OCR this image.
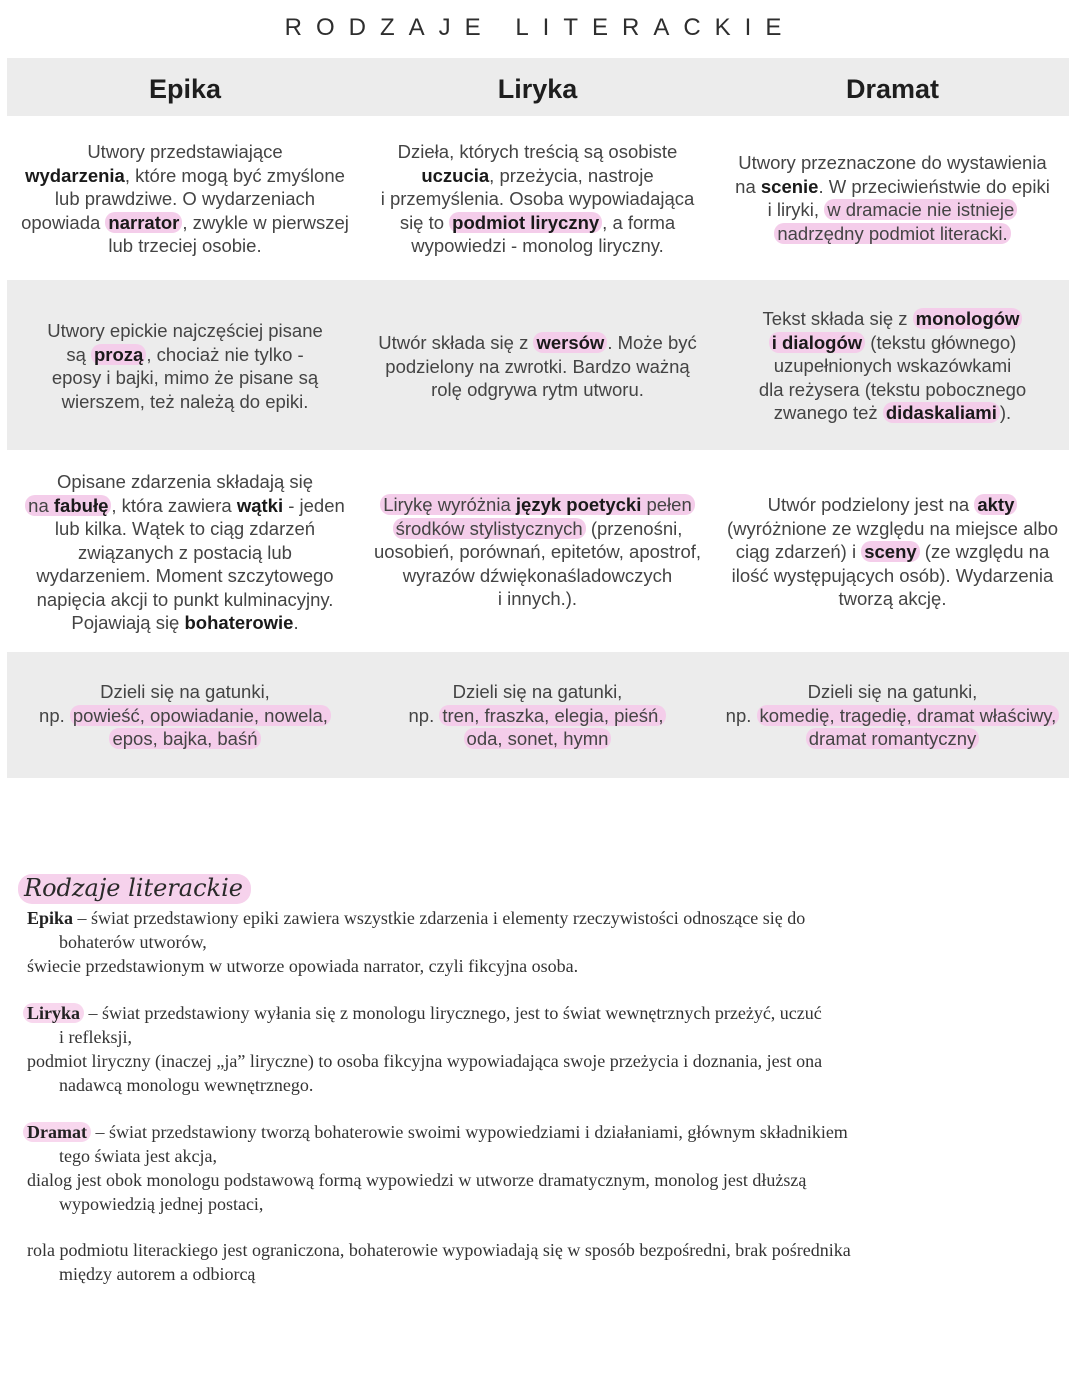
RODZAJE LITERACKIE
Epika	Liryka	Dramat
Utwory przedstawiające
wydarzenia, które mogą być zmyślone
lub prawdziwe. O wydarzeniach
opowiada narrator , zwykle w pierwszej
lub trzeciej osobie.
Dzieła, których treścią są osobiste
uczucia, przeżycia, nastroje
i przemyślenia. Osoba wypowiadająca
się to podmiot liryczny , a forma
wypowiedzi - monolog liryczny.
Utwory przeznaczone do wystawienia
na scenie. W przeciwieństwie do epiki
i liryki, w dramacie nie istnieje
nadrzędny podmiot literacki.
Utwory epickie najczęściej pisane
są prozą , chociaż nie tylko -
eposy i bajki, mimo że pisane są
wierszem, też należą do epiki.
Utwór składa się z wersów . Może być
podzielony na zwrotki. Bardzo ważną
rolę odgrywa rytm utworu.
Tekst składa się z monologów
i dialogów (tekstu głównego)
uzupełnionych wskazówkami
dla reżysera (tekstu pobocznego
zwanego też didaskaliami ).
Opisane zdarzenia składają się
na fabułę , która zawiera wątki - jeden
lub kilka. Wątek to ciąg zdarzeń
związanych z postacią lub
wydarzeniem. Moment szczytowego
napięcia akcji to punkt kulminacyjny.
Pojawiają się bohaterowie.
Lirykę wyróżnia język poetycki pełen
środków stylistycznych (przenośni,
uosobień, porównań, epitetów, apostrof,
wyrazów dźwiękonaśladowczych
i innych.).
Utwór podzielony jest na akty
(wyróżnione ze względu na miejsce albo
ciąg zdarzeń) i sceny (ze względu na
ilość występujących osób). Wydarzenia
tworzą akcję.
Dzieli się na gatunki,
np. powieść, opowiadanie, nowela,
epos, bajka, baśń
Dzieli się na gatunki,
np. tren, fraszka, elegia, pieśń,
oda, sonet, hymn
Dzieli się na gatunki,
np. komedię, tragedię, dramat właściwy,
dramat romantyczny
Rodzaje literackie
Epika – świat przedstawiony epiki zawiera wszystkie zdarzenia i elementy rzeczywistości odnoszące się do
bohaterów utworów,
świecie przedstawionym w utworze opowiada narrator, czyli fikcyjna osoba.
Liryka – świat przedstawiony wyłania się z monologu lirycznego, jest to świat wewnętrznych przeżyć, uczuć
i refleksji,
podmiot liryczny (inaczej „ja” liryczne) to osoba fikcyjna wypowiadająca swoje przeżycia i doznania, jest ona
nadawcą monologu wewnętrznego.
Dramat – świat przedstawiony tworzą bohaterowie swoimi wypowiedziami i działaniami, głównym składnikiem
tego świata jest akcja,
dialog jest obok monologu podstawową formą wypowiedzi w utworze dramatycznym, monolog jest dłuższą
wypowiedzią jednej postaci,
rola podmiotu literackiego jest ograniczona, bohaterowie wypowiadają się w sposób bezpośredni, brak pośrednika
między autorem a odbiorcą
